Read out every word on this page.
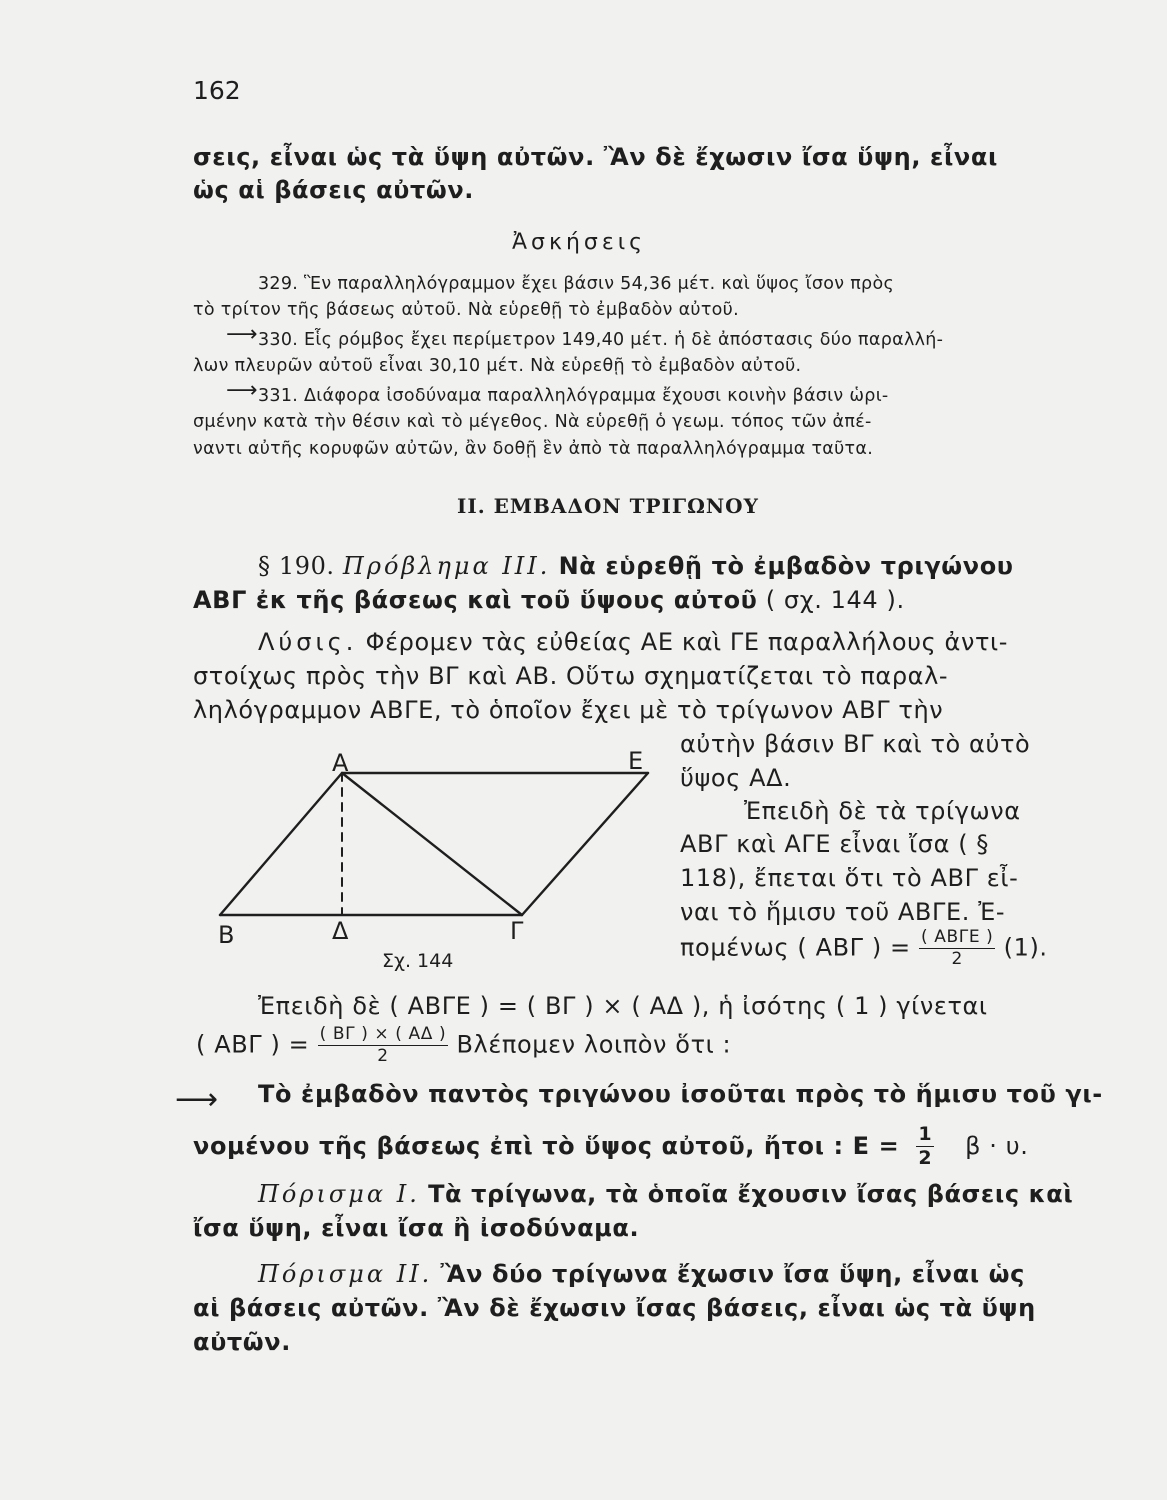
162
σεις, εἶναι ὡς τὰ ὕψη αὐτῶν. Ἂν δὲ ἔχωσιν ἴσα ὕψη, εἶναι
ὡς αἱ βάσεις αὐτῶν.
Ἀσκήσεις
329. Ἓν παραλληλόγραμμον ἔχει βάσιν 54,36 μέτ. καὶ ὕψος ἴσον πρὸς
τὸ τρίτον τῆς βάσεως αὐτοῦ. Νὰ εὑρεθῇ τὸ ἐμβαδὸν αὐτοῦ.
⟶ 330. Εἷς ρόμβος ἔχει περίμετρον 149,40 μέτ. ἡ δὲ ἀπόστασις δύο παραλλή-
λων πλευρῶν αὐτοῦ εἶναι 30,10 μέτ. Νὰ εὑρεθῇ τὸ ἐμβαδὸν αὐτοῦ.
⟶ 331. Διάφορα ἰσοδύναμα παραλληλόγραμμα ἔχουσι κοινὴν βάσιν ὡρι-
σμένην κατὰ τὴν θέσιν καὶ τὸ μέγεθος. Νὰ εὑρεθῇ ὁ γεωμ. τόπος τῶν ἀπέ-
ναντι αὐτῆς κορυφῶν αὐτῶν, ἂν δοθῇ ἓν ἀπὸ τὰ παραλληλόγραμμα ταῦτα.
ΙΙ. ΕΜΒΑΔΟΝ ΤΡΙΓΩΝΟΥ
§ 190. Πρόβλημα ΙΙΙ. Νὰ εὑρεθῇ τὸ ἐμβαδὸν τριγώνου
ΑΒΓ ἐκ τῆς βάσεως καὶ τοῦ ὕψους αὐτοῦ ( σχ. 144 ).
Λύσις. Φέρομεν τὰς εὐθείας ΑΕ καὶ ΓΕ παραλλήλους ἀντι-
στοίχως πρὸς τὴν ΒΓ καὶ ΑΒ. Οὕτω σχηματίζεται τὸ παραλ-
ληλόγραμμον ΑΒΓΕ, τὸ ὁποῖον ἔχει μὲ τὸ τρίγωνον ΑΒΓ τὴν
αὐτὴν βάσιν ΒΓ καὶ τὸ αὐτὸ
ὕψος ΑΔ.
Ἐπειδὴ δὲ τὰ τρίγωνα
ΑΒΓ καὶ ΑΓΕ εἶναι ἴσα ( §
118), ἔπεται ὅτι τὸ ΑΒΓ εἶ-
ναι τὸ ἥμισυ τοῦ ΑΒΓΕ. Ἐ-
πομένως ( ΑΒΓ ) = $\frac{\text{( ΑΒΓΕ )}}{2} (1)$.
Α	Ε
Β	Δ	Γ
Σχ. 144
Ἐπειδὴ δὲ ( ΑΒΓΕ ) = ( ΒΓ ) × ( ΑΔ ), ἡ ἰσότης ( 1 ) γίνεται
( ΑΒΓ ) = $\frac{( B\Gamma ) \times ( A\Delta )}{2}$ Βλέπομεν λοιπὸν ὅτι :
⟶ Τὸ ἐμβαδὸν παντὸς τριγώνου ἰσοῦται πρὸς τὸ ἥμισυ τοῦ γι-
νομένου τῆς βάσεως ἐπὶ τὸ ὕψος αὐτοῦ, ἤτοι : $E = \frac{1}{2}$ β · υ.
Πόρισμα Ι. Τὰ τρίγωνα, τὰ ὁποῖα ἔχουσιν ἴσας βάσεις καὶ
ἴσα ὕψη, εἶναι ἴσα ἢ ἰσοδύναμα.
Πόρισμα ΙΙ. Ἂν δύο τρίγωνα ἔχωσιν ἴσα ὕψη, εἶναι ὡς
αἱ βάσεις αὐτῶν. Ἂν δὲ ἔχωσιν ἴσας βάσεις, εἶναι ὡς τὰ ὕψη
αὐτῶν.
